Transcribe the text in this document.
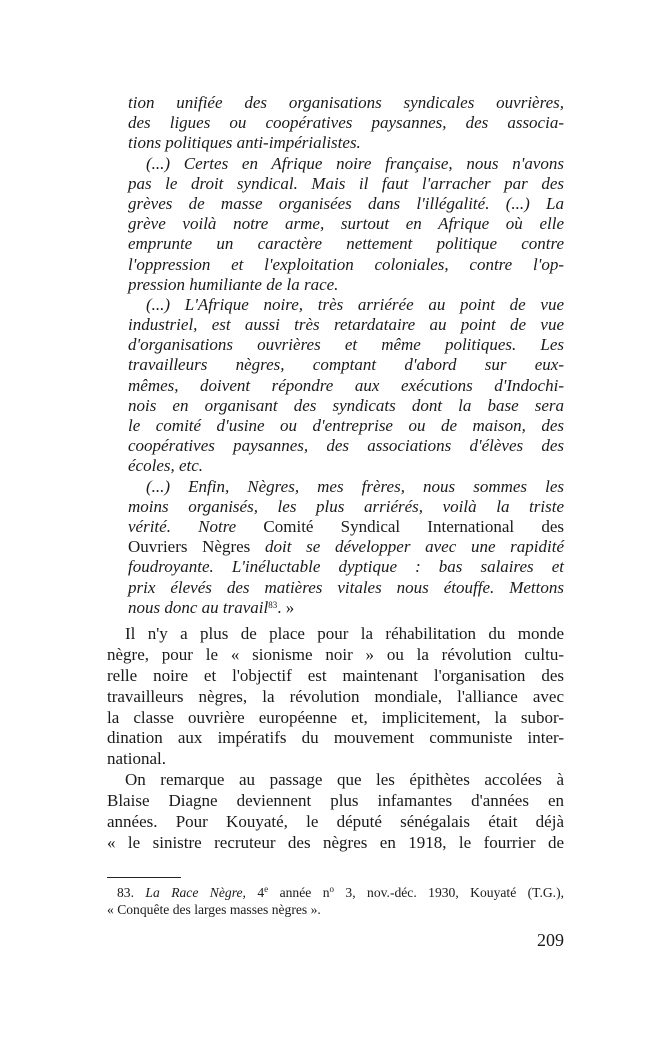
tion unifiée des organisations syndicales ouvrières,
des ligues ou coopératives paysannes, des associa-
tions politiques anti-impérialistes.
(...) Certes en Afrique noire française, nous n'avons
pas le droit syndical. Mais il faut l'arracher par des
grèves de masse organisées dans l'illégalité. (...) La
grève voilà notre arme, surtout en Afrique où elle
emprunte un caractère nettement politique contre
l'oppression et l'exploitation coloniales, contre l'op-
pression humiliante de la race.
(...) L'Afrique noire, très arriérée au point de vue
industriel, est aussi très retardataire au point de vue
d'organisations ouvrières et même politiques. Les
travailleurs nègres, comptant d'abord sur eux-
mêmes, doivent répondre aux exécutions d'Indochi-
nois en organisant des syndicats dont la base sera
le comité d'usine ou d'entreprise ou de maison, des
coopératives paysannes, des associations d'élèves des
écoles, etc.
(...) Enfin, Nègres, mes frères, nous sommes les
moins organisés, les plus arriérés, voilà la triste
vérité. Notre Comité Syndical International des
Ouvriers Nègres doit se développer avec une rapidité
foudroyante. L'inéluctable dyptique : bas salaires et
prix élevés des matières vitales nous étouffe. Mettons
nous donc au travail$^{83}$. »
Il n'y a plus de place pour la réhabilitation du monde
nègre, pour le « sionisme noir » ou la révolution cultu-
relle noire et l'objectif est maintenant l'organisation des
travailleurs nègres, la révolution mondiale, l'alliance avec
la classe ouvrière européenne et, implicitement, la subor-
dination aux impératifs du mouvement communiste inter-
national.
On remarque au passage que les épithètes accolées à
Blaise Diagne deviennent plus infamantes d'années en
années. Pour Kouyaté, le député sénégalais était déjà
« le sinistre recruteur des nègres en 1918, le fourrier de
83. La Race Nègre, 4e année $n^o$ 3, nov.-déc. 1930, Kouyaté (T.G.),
« Conquête des larges masses nègres ».
209
